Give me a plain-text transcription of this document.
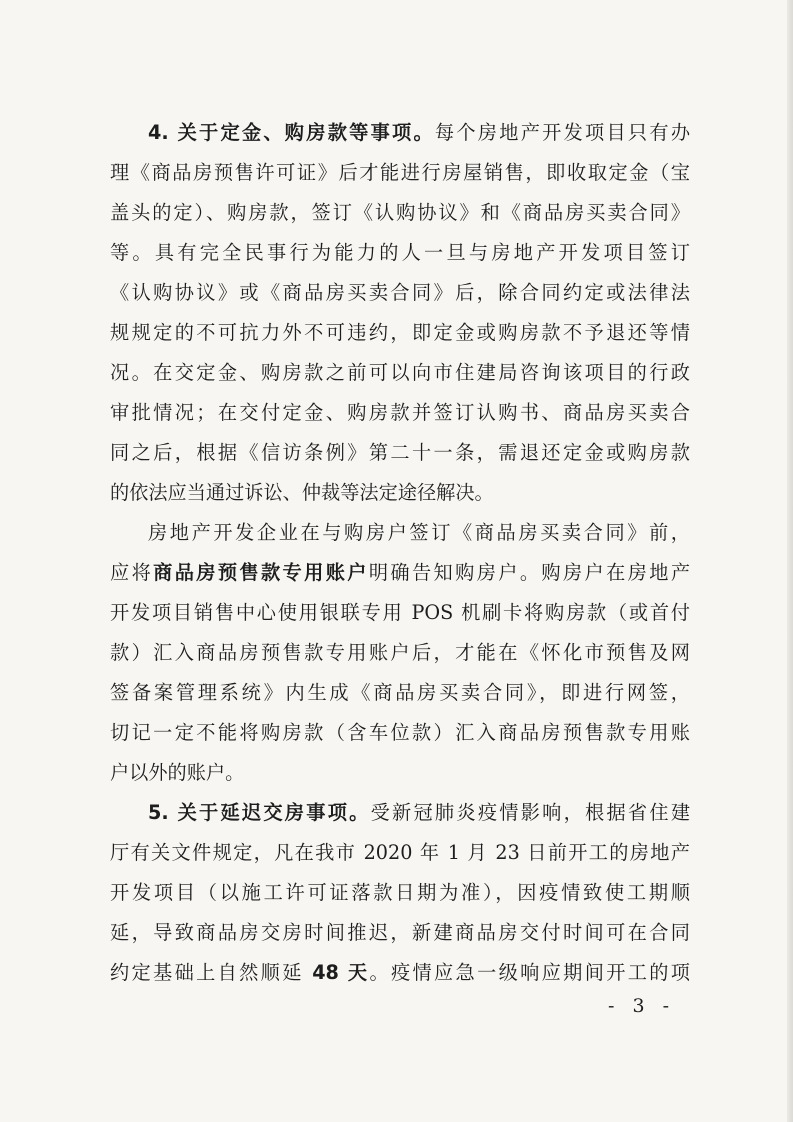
4. 关于定金、购房款等事项。每个房地产开发项目只有办
理《商品房预售许可证》后才能进行房屋销售，即收取定金（宝
盖头的定）、购房款，签订《认购协议》和《商品房买卖合同》
等。具有完全民事行为能力的人一旦与房地产开发项目签订
《认购协议》或《商品房买卖合同》后，除合同约定或法律法
规规定的不可抗力外不可违约，即定金或购房款不予退还等情
况。在交定金、购房款之前可以向市住建局咨询该项目的行政
审批情况；在交付定金、购房款并签订认购书、商品房买卖合
同之后，根据《信访条例》第二十一条，需退还定金或购房款
的依法应当通过诉讼、仲裁等法定途径解决。
房地产开发企业在与购房户签订《商品房买卖合同》前，
应将商品房预售款专用账户明确告知购房户。购房户在房地产
开发项目销售中心使用银联专用 POS 机刷卡将购房款（或首付
款）汇入商品房预售款专用账户后，才能在《怀化市预售及网
签备案管理系统》内生成《商品房买卖合同》，即进行网签，
切记一定不能将购房款（含车位款）汇入商品房预售款专用账
户以外的账户。
5. 关于延迟交房事项。受新冠肺炎疫情影响，根据省住建
厅有关文件规定，凡在我市 2020 年 1 月 23 日前开工的房地产
开发项目（以施工许可证落款日期为准），因疫情致使工期顺
延，导致商品房交房时间推迟，新建商品房交付时间可在合同
约定基础上自然顺延 48 天。疫情应急一级响应期间开工的项
- 3 -
